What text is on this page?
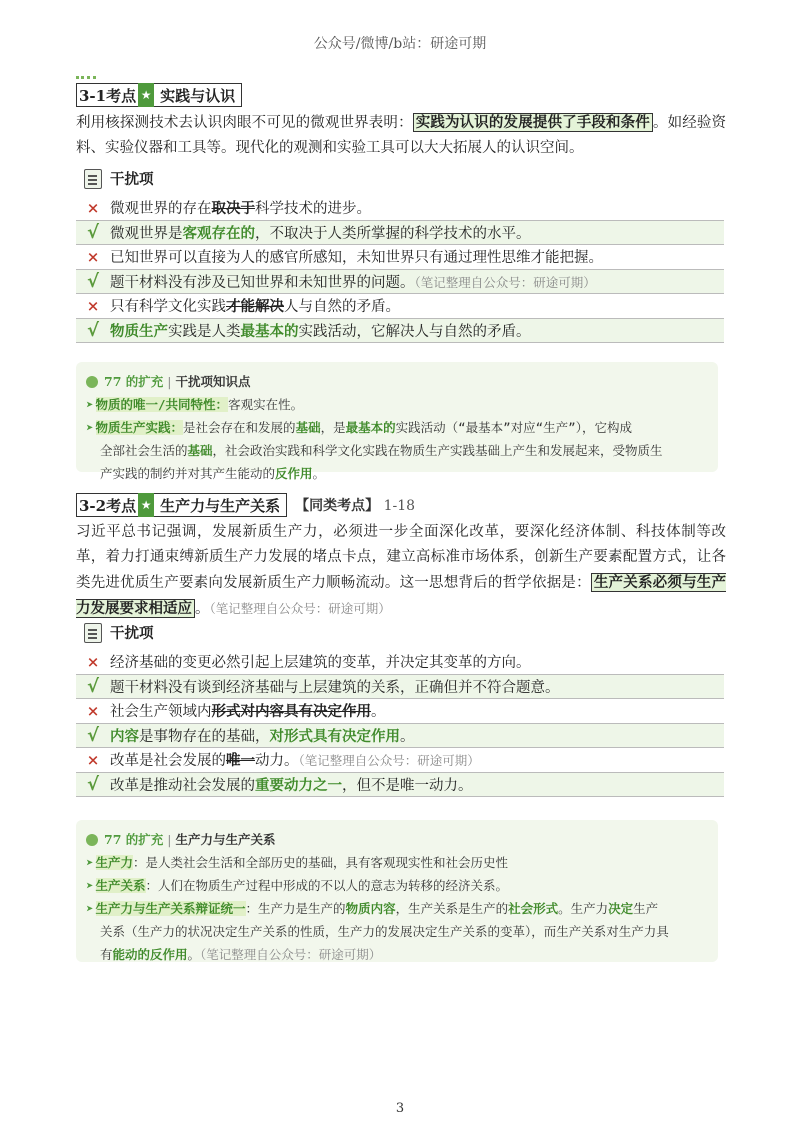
公众号/微博/b站：研途可期
3-1考点 ★ 实践与认识
利用核探测技术去认识肉眼不可见的微观世界表明： 实践为认识的发展提供了手段和条件 。如经验资料、实验仪器和工具等。现代化的观测和实验工具可以大大拓展人的认识空间。
干扰项
× 微观世界的存在取决于科学技术的进步。
√ 微观世界是客观存在的，不取决于人类所掌握的科学技术的水平。
× 已知世界可以直接为人的感官所感知，未知世界只有通过理性思维才能把握。
√ 题干材料没有涉及已知世界和未知世界的问题。（笔记整理自公众号：研途可期）
× 只有科学文化实践才能解决人与自然的矛盾。
√ 物质生产实践是人类最基本的实践活动，它解决人与自然的矛盾。
77 的扩充 | 干扰项知识点
➤ 物质的唯一/共同特性：客观实在性。
➤ 物质生产实践：是社会存在和发展的基础，是最基本的实践活动（“最基本”对应“生产”），它构成
全部社会生活的基础，社会政治实践和科学文化实践在物质生产实践基础上产生和发展起来，受物质生
产实践的制约并对其产生能动的反作用。
3-2考点 ★ 生产力与生产关系	【同类考点】 1-18
习近平总书记强调，发展新质生产力，必须进一步全面深化改革，要深化经济体制、科技体制等改革，着力打通束缚新质生产力发展的堵点卡点，建立高标准市场体系，创新生产要素配置方式，让各类先进优质生产要素向发展新质生产力顺畅流动。这一思想背后的哲学依据是： 生产关系必须与生产力发展要求相适应 。（笔记整理自公众号：研途可期）
干扰项
× 经济基础的变更必然引起上层建筑的变革，并决定其变革的方向。
√ 题干材料没有谈到经济基础与上层建筑的关系，正确但并不符合题意。
× 社会生产领域内形式对内容具有决定作用。
√ 内容是事物存在的基础，对形式具有决定作用。
× 改革是社会发展的唯一动力。（笔记整理自公众号：研途可期）
√ 改革是推动社会发展的重要动力之一，但不是唯一动力。
77 的扩充 | 生产力与生产关系
➤ 生产力：是人类社会生活和全部历史的基础，具有客观现实性和社会历史性
➤ 生产关系：人们在物质生产过程中形成的不以人的意志为转移的经济关系。
➤ 生产力与生产关系辩证统一：生产力是生产的物质内容，生产关系是生产的社会形式。生产力决定生产
关系（生产力的状况决定生产关系的性质，生产力的发展决定生产关系的变革），而生产关系对生产力具
有能动的反作用。（笔记整理自公众号：研途可期）
3
